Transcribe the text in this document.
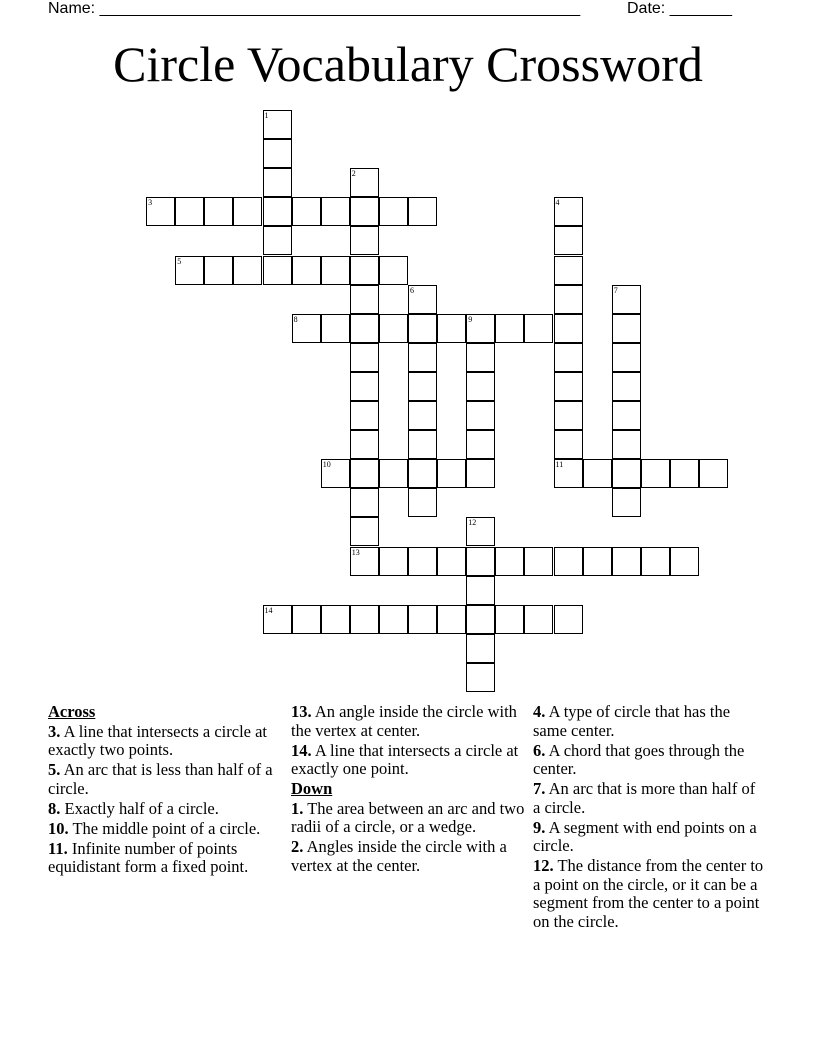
Name: ______________________________________________________	Date: _______
Circle Vocabulary Crossword
1
2
3	4
11
5
6	7
8	9
10
12
13
14
Across
3. A line that intersects a circle at exactly two points.
5. An arc that is less than half of a circle.
8. Exactly half of a circle.
10. The middle point of a circle.
11. Infinite number of points equidistant form a fixed point.
13. An angle inside the circle with the vertex at center.
14. A line that intersects a circle at exactly one point.
Down
1. The area between an arc and two radii of a circle, or a wedge.
2. Angles inside the circle with a vertex at the center.
4. A type of circle that has the same center.
6. A chord that goes through the center.
7. An arc that is more than half of a circle.
9. A segment with end points on a circle.
12. The distance from the center to a point on the circle, or it can be a segment from the center to a point on the circle.
